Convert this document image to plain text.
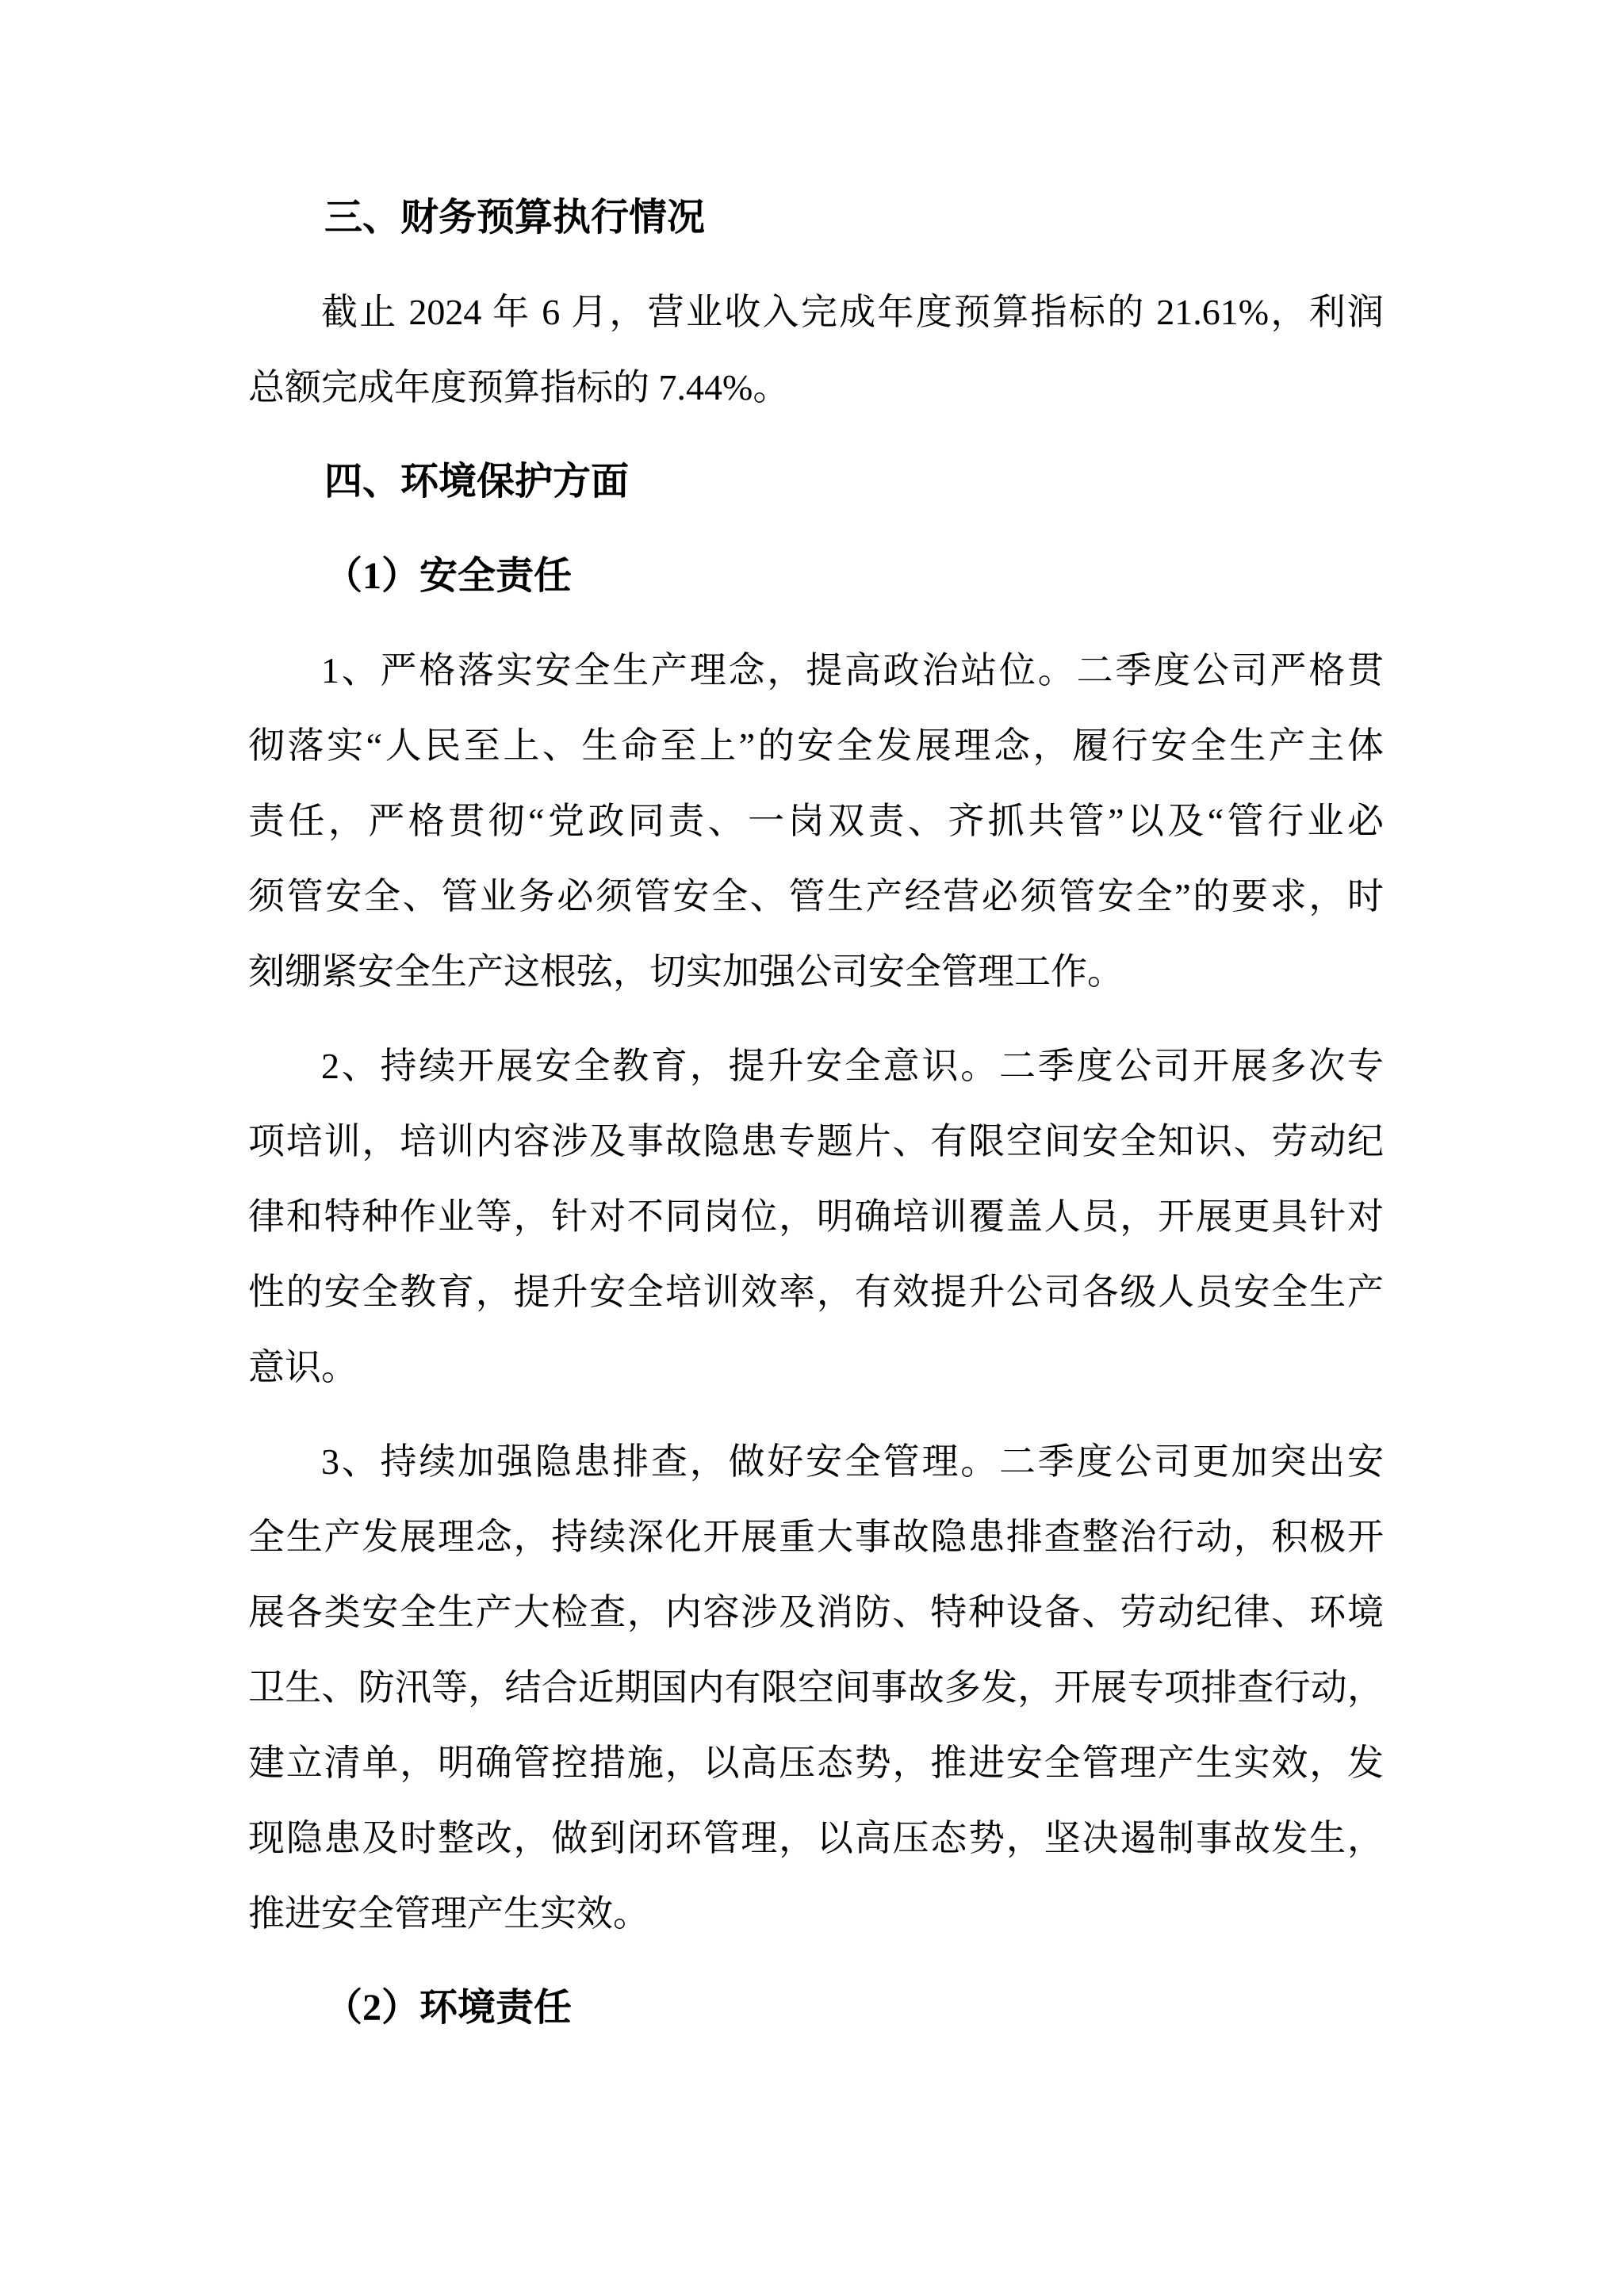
三、财务预算执行情况
截止 2024 年 6 月，营业收入完成年度预算指标的 21.61%，利润
总额完成年度预算指标的 7.44%。
四、环境保护方面
（1）安全责任
1、严格落实安全生产理念，提高政治站位。二季度公司严格贯
彻落实“人民至上、生命至上”的安全发展理念，履行安全生产主体
责任，严格贯彻“党政同责、一岗双责、齐抓共管”以及“管行业必
须管安全、管业务必须管安全、管生产经营必须管安全”的要求，时
刻绷紧安全生产这根弦，切实加强公司安全管理工作。
2、持续开展安全教育，提升安全意识。二季度公司开展多次专
项培训，培训内容涉及事故隐患专题片、有限空间安全知识、劳动纪
律和特种作业等，针对不同岗位，明确培训覆盖人员，开展更具针对
性的安全教育，提升安全培训效率，有效提升公司各级人员安全生产
意识。
3、持续加强隐患排查，做好安全管理。二季度公司更加突出安
全生产发展理念，持续深化开展重大事故隐患排查整治行动，积极开
展各类安全生产大检查，内容涉及消防、特种设备、劳动纪律、环境
卫生、防汛等，结合近期国内有限空间事故多发，开展专项排查行动，
建立清单，明确管控措施，以高压态势，推进安全管理产生实效，发
现隐患及时整改，做到闭环管理，以高压态势，坚决遏制事故发生，
推进安全管理产生实效。
（2）环境责任
